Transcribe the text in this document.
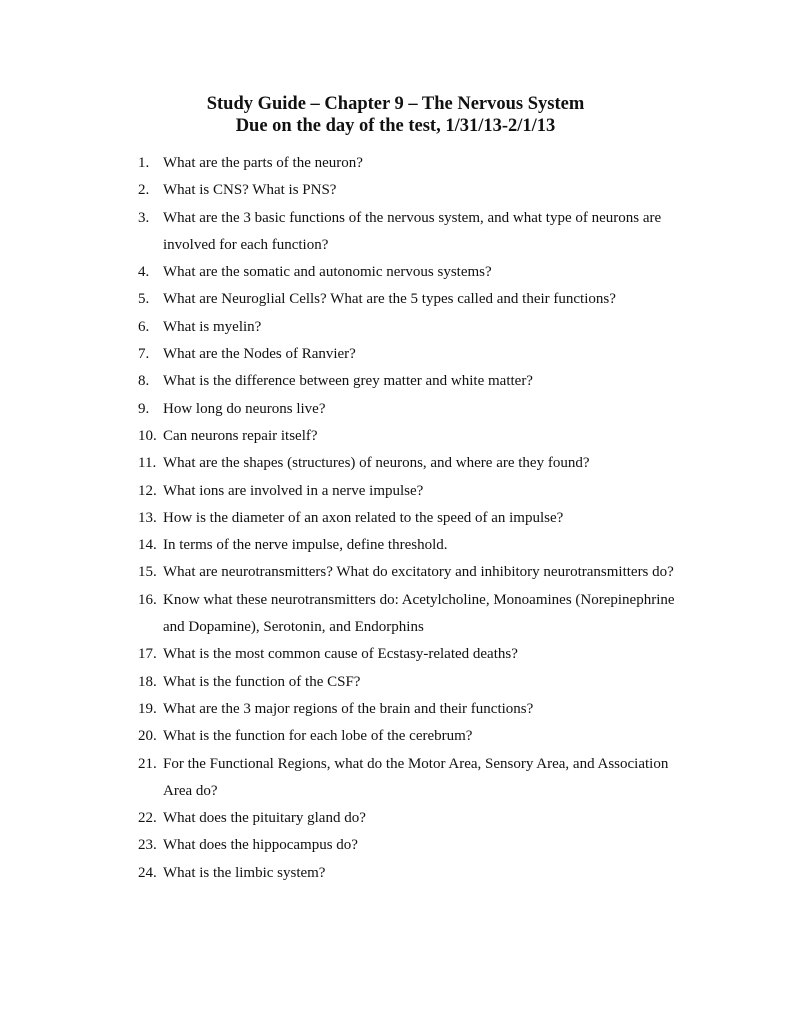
Study Guide – Chapter 9 – The Nervous System
Due on the day of the test, 1/31/13-2/1/13
1. What are the parts of the neuron?
2. What is CNS? What is PNS?
3. What are the 3 basic functions of the nervous system, and what type of neurons are involved for each function?
4. What are the somatic and autonomic nervous systems?
5. What are Neuroglial Cells? What are the 5 types called and their functions?
6. What is myelin?
7. What are the Nodes of Ranvier?
8. What is the difference between grey matter and white matter?
9. How long do neurons live?
10. Can neurons repair itself?
11. What are the shapes (structures) of neurons, and where are they found?
12. What ions are involved in a nerve impulse?
13. How is the diameter of an axon related to the speed of an impulse?
14. In terms of the nerve impulse, define threshold.
15. What are neurotransmitters? What do excitatory and inhibitory neurotransmitters do?
16. Know what these neurotransmitters do: Acetylcholine, Monoamines (Norepinephrine and Dopamine), Serotonin, and Endorphins
17. What is the most common cause of Ecstasy-related deaths?
18. What is the function of the CSF?
19. What are the 3 major regions of the brain and their functions?
20. What is the function for each lobe of the cerebrum?
21. For the Functional Regions, what do the Motor Area, Sensory Area, and Association Area do?
22. What does the pituitary gland do?
23. What does the hippocampus do?
24. What is the limbic system?
